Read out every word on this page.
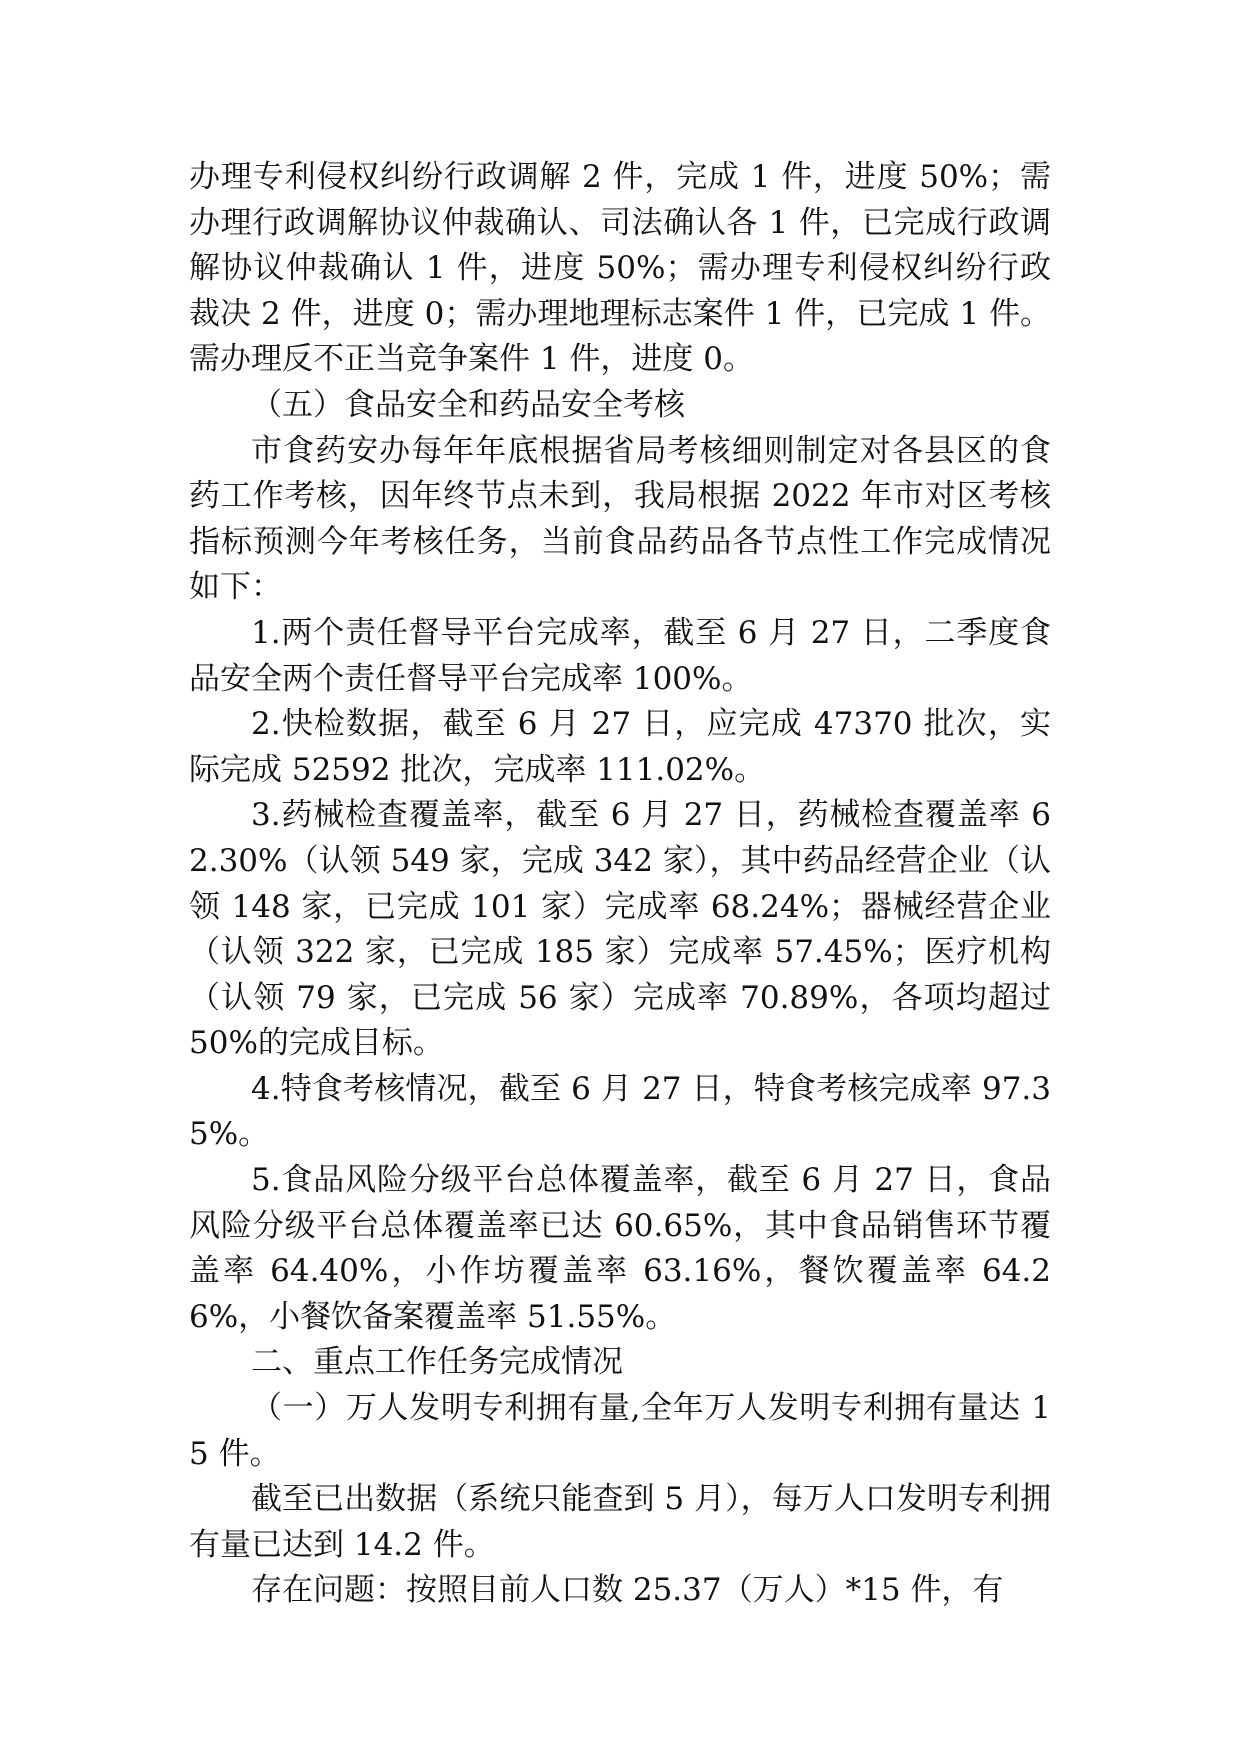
办理专利侵权纠纷行政调解 2 件，完成 1 件，进度 50%；需办理行政调解协议仲裁确认、司法确认各 1 件，已完成行政调解协议仲裁确认 1 件，进度 50%；需办理专利侵权纠纷行政裁决 2 件，进度 0；需办理地理标志案件 1 件，已完成 1 件。需办理反不正当竞争案件 1 件，进度 0。

（五）食品安全和药品安全考核

市食药安办每年年底根据省局考核细则制定对各县区的食药工作考核，因年终节点未到，我局根据 2022 年市对区考核指标预测今年考核任务，当前食品药品各节点性工作完成情况如下：

1.两个责任督导平台完成率，截至 6 月 27 日，二季度食品安全两个责任督导平台完成率 100%。

2.快检数据，截至 6 月 27 日，应完成 47370 批次，实际完成 52592 批次，完成率 111.02%。

3.药械检查覆盖率，截至 6 月 27 日，药械检查覆盖率 62.30%（认领 549 家，完成 342 家），其中药品经营企业（认领 148 家，已完成 101 家）完成率 68.24%；器械经营企业（认领 322 家，已完成 185 家）完成率 57.45%；医疗机构（认领 79 家，已完成 56 家）完成率 70.89%，各项均超过 50%的完成目标。

4.特食考核情况，截至 6 月 27 日，特食考核完成率 97.35%。

5.食品风险分级平台总体覆盖率，截至 6 月 27 日，食品风险分级平台总体覆盖率已达 60.65%，其中食品销售环节覆盖率 64.40%，小作坊覆盖率 63.16%，餐饮覆盖率 64.26%，小餐饮备案覆盖率 51.55%。

二、重点工作任务完成情况

（一）万人发明专利拥有量,全年万人发明专利拥有量达 15 件。

截至已出数据（系统只能查到 5 月），每万人口发明专利拥有量已达到 14.2 件。

存在问题：按照目前人口数 25.37（万人）*15 件，有
